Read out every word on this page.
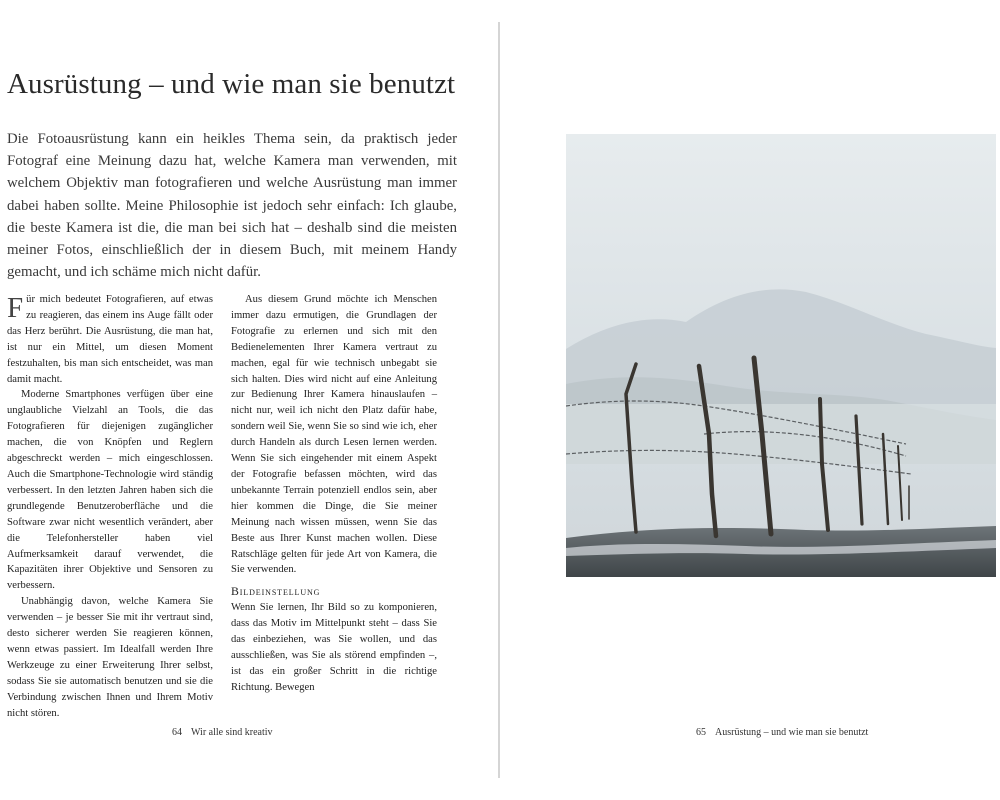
Ausrüstung – und wie man sie benutzt

Die Fotoausrüstung kann ein heikles Thema sein, da praktisch jeder Fotograf eine Meinung dazu hat, welche Kamera man verwenden, mit welchem Objektiv man fotografieren und welche Ausrüstung man immer dabei haben sollte. Meine Philosophie ist jedoch sehr einfach: Ich glaube, die beste Kamera ist die, die man bei sich hat – deshalb sind die meisten meiner Fotos, einschließlich der in diesem Buch, mit meinem Handy gemacht, und ich schäme mich nicht dafür.

Für mich bedeutet Fotografieren, auf etwas zu reagieren, das einem ins Auge fällt oder das Herz berührt. Die Ausrüstung, die man hat, ist nur ein Mittel, um diesen Moment festzuhalten, bis man sich entscheidet, was man damit macht.

Moderne Smartphones verfügen über eine unglaubliche Vielzahl an Tools, die das Fotografieren für diejenigen zugänglicher machen, die von Knöpfen und Reglern abgeschreckt werden – mich eingeschlossen. Auch die Smartphone-Technologie wird ständig verbessert. In den letzten Jahren haben sich die grundlegende Benutzeroberfläche und die Software zwar nicht wesentlich verändert, aber die Telefonhersteller haben viel Aufmerksamkeit darauf verwendet, die Kapazitäten ihrer Objektive und Sensoren zu verbessern.

Unabhängig davon, welche Kamera Sie verwenden – je besser Sie mit ihr vertraut sind, desto sicherer werden Sie reagieren können, wenn etwas passiert. Im Idealfall werden Ihre Werkzeuge zu einer Erweiterung Ihrer selbst, sodass Sie sie automatisch benutzen und sie die Verbindung zwischen Ihnen und Ihrem Motiv nicht stören.

Aus diesem Grund möchte ich Menschen immer dazu ermutigen, die Grundlagen der Fotografie zu erlernen und sich mit den Bedienelementen Ihrer Kamera vertraut zu machen, egal für wie technisch unbegabt sie sich halten. Dies wird nicht auf eine Anleitung zur Bedienung Ihrer Kamera hinauslaufen – nicht nur, weil ich nicht den Platz dafür habe, sondern weil Sie, wenn Sie so sind wie ich, eher durch Handeln als durch Lesen lernen werden. Wenn Sie sich eingehender mit einem Aspekt der Fotografie befassen möchten, wird das unbekannte Terrain potenziell endlos sein, aber hier kommen die Dinge, die Sie meiner Meinung nach wissen müssen, wenn Sie das Beste aus Ihrer Kunst machen wollen. Diese Ratschläge gelten für jede Art von Kamera, die Sie verwenden.

Bildeinstellung

Wenn Sie lernen, Ihr Bild so zu komponieren, dass das Motiv im Mittelpunkt steht – dass Sie das einbeziehen, was Sie wollen, und das ausschließen, was Sie als störend empfinden –, ist das ein großer Schritt in die richtige Richtung. Bewegen

64 Wir alle sind kreativ	65 Ausrüstung – und wie man sie benutzt
